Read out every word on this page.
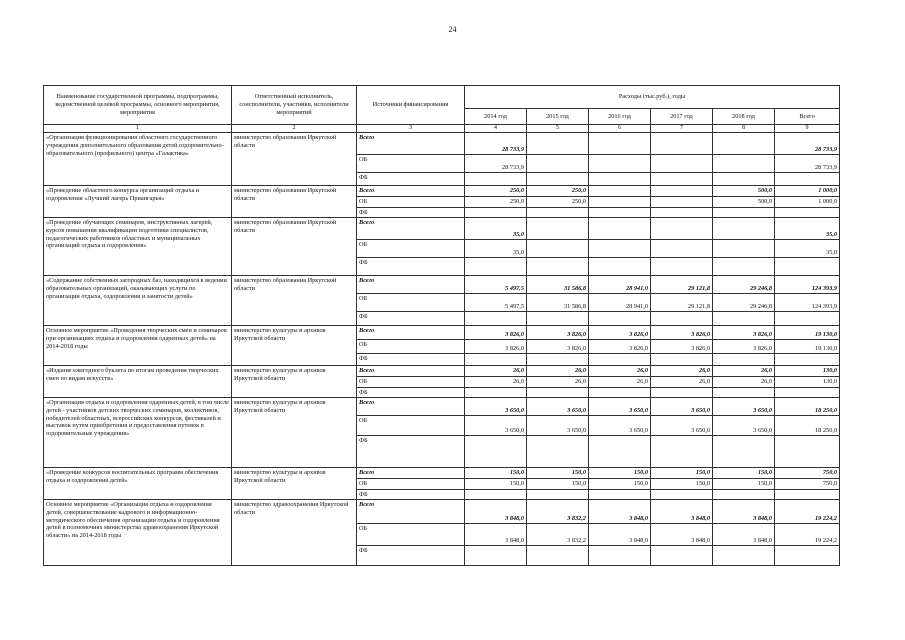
24
Наименование государственной программы, подпрограммы, ведомственной целевой программы, основного мероприятия, мероприятия	Ответственный исполнитель, соисполнители, участники, исполнители мероприятий	Источники финансирования	Расходы (тыс.руб.), годы					
			2014 год	2015 год	2016 год	2017 год	2018 год	Всего
1	2	3	4	5	6	7	8	9
«Организация функционирования областного государственного учреждения дополнительного образования детей оздоровительно-образовательного (профильного) центра «Галактика»	министерство образования Иркутской области	Всего	28 733,9					28 733,9
		ОБ	28 733,9					28 733,9
		ФБ						
«Проведение областного конкурса организаций отдыха и оздоровления «Лучший лагерь Приангарья»	министерство образования Иркутской области	Всего	250,0	250,0			500,0	1 000,0
		ОБ	250,0	250,0			500,0	1 000,0
		ФБ						
«Проведение обучающих семинаров, инструктивных лагерей, курсов повышения квалификации подготовки специалистов, педагогических работников областных и муниципальных организаций отдыха и оздоровления»	министерство образования Иркутской области	Всего	35,0					35,0
		ОБ	35,0					35,0
		ФБ						
«Содержание собственных загородных баз, находящихся в ведении образовательных организаций, оказывающих услуги по организации отдыха, оздоровления и занятости детей»	министерство образования Иркутской области	Всего	5 497,5	31 586,8	28 941,0	29 121,8	29 246,8	124 393,9
		ОБ	5 497,5	31 586,8	28 941,0	29 121,8	29 246,8	124 393,9
		ФБ						
Основное мероприятие «Проведения творческих смен и семинаров при организациях отдыха и оздоровления одаренных детей» на 2014-2018 годы	министерство культуры и архивов Иркутской области	Всего	3 826,0	3 826,0	3 826,0	3 826,0	3 826,0	19 130,0
		ОБ	3 826,0	3 826,0	3 826,0	3 826,0	3 826,0	19 130,0
		ФБ						
«Издание ежегодного буклета по итогам проведения творческих смен по видам искусств»	министерство культуры и архивов Иркутской области	Всего	26,0	26,0	26,0	26,0	26,0	130,0
		ОБ	26,0	26,0	26,0	26,0	26,0	130,0
		ФБ						
«Организация отдыха и оздоровления одаренных детей, в том числе детей - участников детских творческих семинаров, коллективов, победителей областных, всероссийских конкурсов, фестивалей и выставок путем приобретения и предоставления путевок в оздоровительные учреждения»	министерство культуры и архивов Иркутской области	Всего	3 650,0	3 650,0	3 650,0	3 650,0	3 650,0	18 250,0
		ОБ	3 650,0	3 650,0	3 650,0	3 650,0	3 650,0	18 250,0
		ФБ						
«Проведение конкурсов воспитательных программ обеспечения отдыха и оздоровления детей»	министерство культуры и архивов Иркутской области	Всего	150,0	150,0	150,0	150,0	150,0	750,0
		ОБ	150,0	150,0	150,0	150,0	150,0	750,0
		ФБ						
Основное мероприятие «Организация отдыха и оздоровления детей, совершенствование кадрового и информационно-методического обеспечения организации отдыха и оздоровления детей в полномочиях министерства здравоохранения Иркутской области» на 2014-2018 годы	министерство здравоохранения Иркутской области	Всего	3 848,0	3 832,2	3 848,0	3 848,0	3 848,0	19 224,2
		ОБ	3 848,0	3 832,2	3 848,0	3 848,0	3 848,0	19 224,2
		ФБ						
